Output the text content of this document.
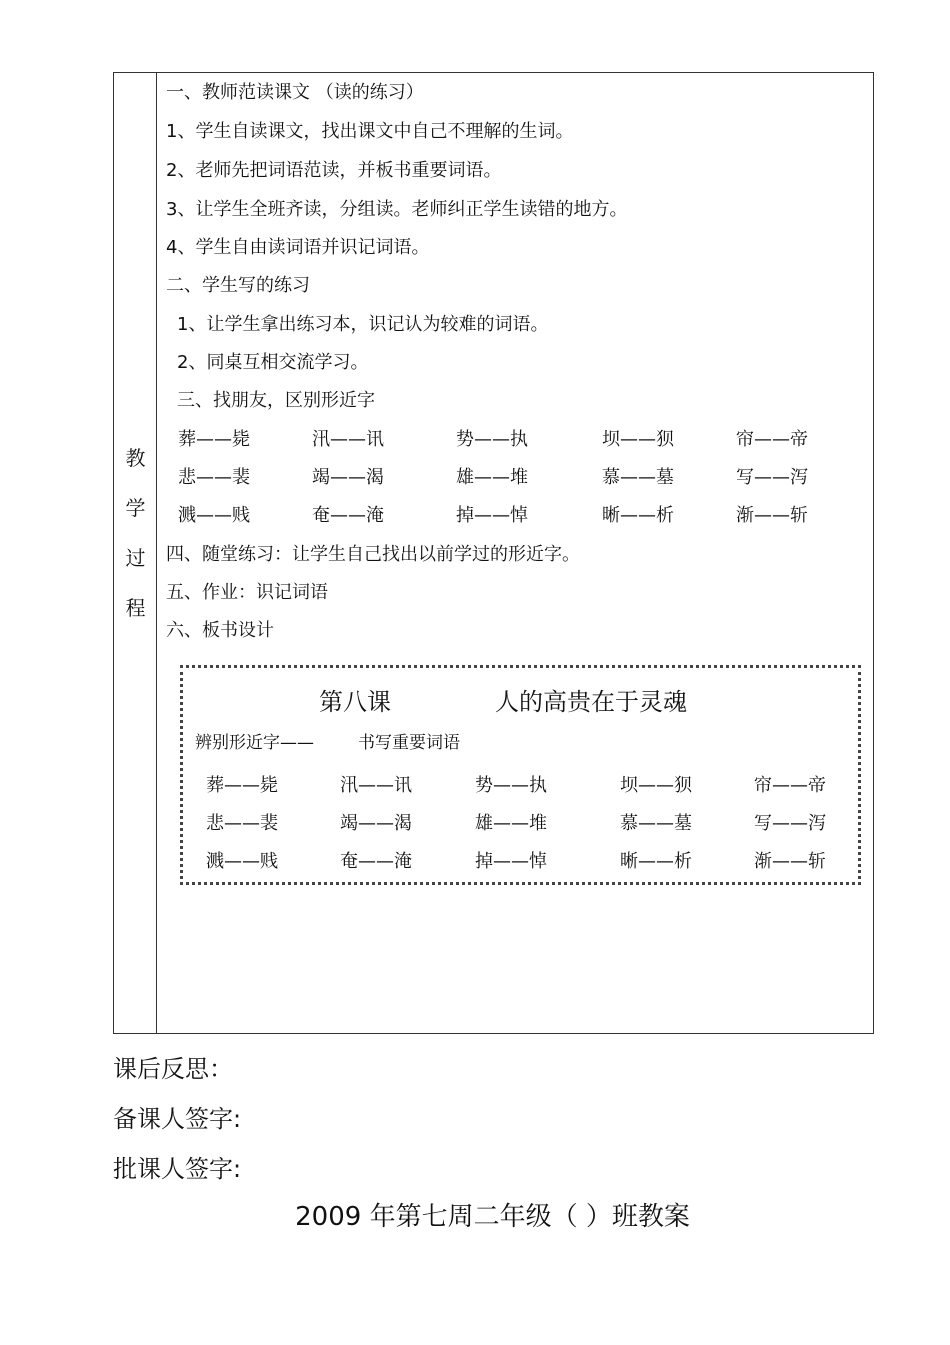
教
学
过
程
一、教师范读课文 （读的练习）
1、学生自读课文，找出课文中自己不理解的生词。
2、老师先把词语范读，并板书重要词语。
3、让学生全班齐读，分组读。老师纠正学生读错的地方。
4、学生自由读词语并识记词语。
二、学生写的练习
1、让学生拿出练习本，识记认为较难的词语。
2、同桌互相交流学习。
三、找朋友，区别形近字
葬——毙	汛——讯	势——执	坝——狈	帘——帝
悲——裴	竭——渴	雄——堆	慕——墓	写——泻
溅——贱	奄——淹	掉——悼	晰——析	渐——斩
四、随堂练习：让学生自己找出以前学过的形近字。
五、作业：识记词语
六、板书设计
第八课	人的高贵在于灵魂
辨别形近字——	书写重要词语
葬——毙	汛——讯	势——执	坝——狈	帘——帝
悲——裴	竭——渴	雄——堆	慕——墓	写——泻
溅——贱	奄——淹	掉——悼	晰——析	渐——斩
课后反思：
备课人签字:
批课人签字:
2009 年第七周二年级（ ）班教案
